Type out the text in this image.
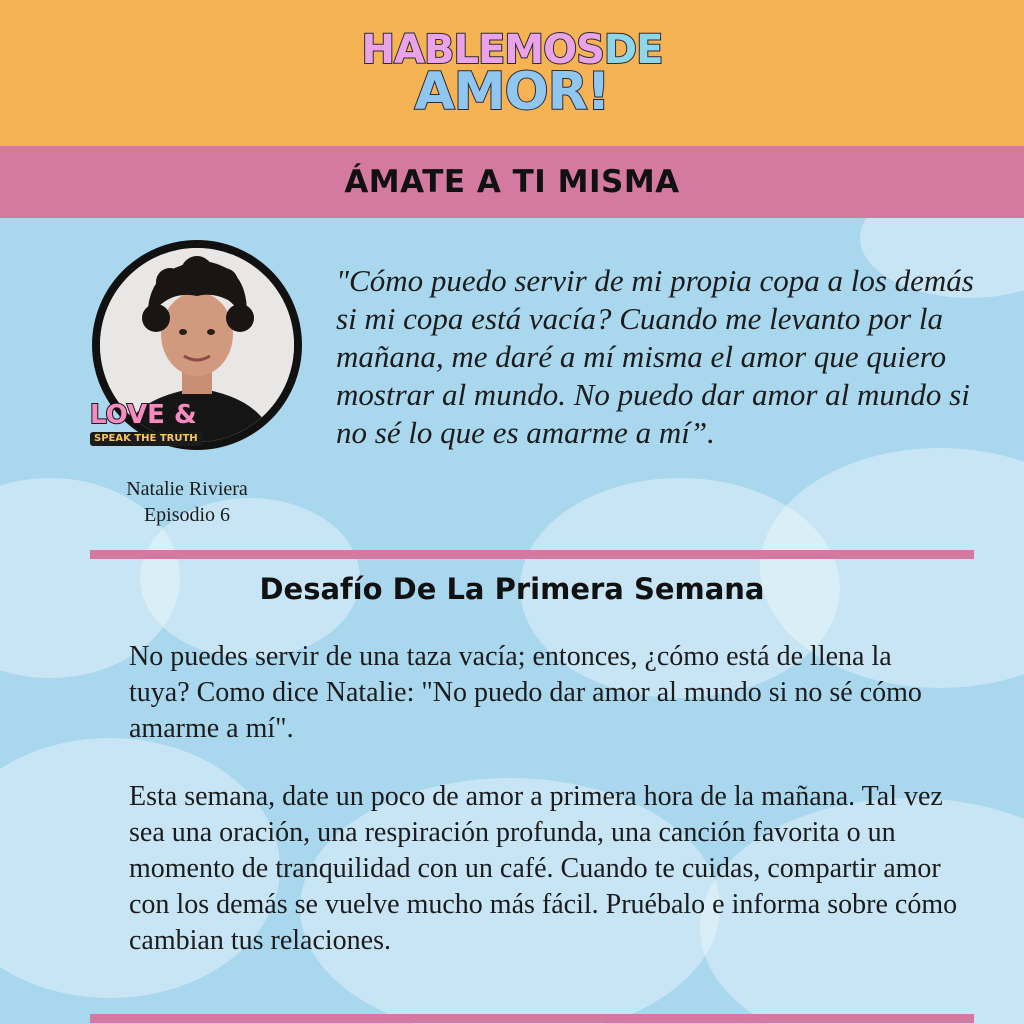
HABLEMOSDE
AMOR!
ÁMATE A TI MISMA
LOVE &
SPEAK THE TRUTH
Natalie Riviera
Episodio 6
"Cómo puedo servir de mi propia copa a los demás si mi copa está vacía? Cuando me levanto por la mañana, me daré a mí misma el amor que quiero mostrar al mundo. No puedo dar amor al mundo si no sé lo que es amarme a mí”.
Desafío De La Primera Semana
No puedes servir de una taza vacía; entonces, ¿cómo está de llena la tuya? Como dice Natalie: "No puedo dar amor al mundo si no sé cómo amarme a mí".
Esta semana, date un poco de amor a primera hora de la mañana. Tal vez sea una oración, una respiración profunda, una canción favorita o un momento de tranquilidad con un café. Cuando te cuidas, compartir amor con los demás se vuelve mucho más fácil. Pruébalo e informa sobre cómo cambian tus relaciones.
